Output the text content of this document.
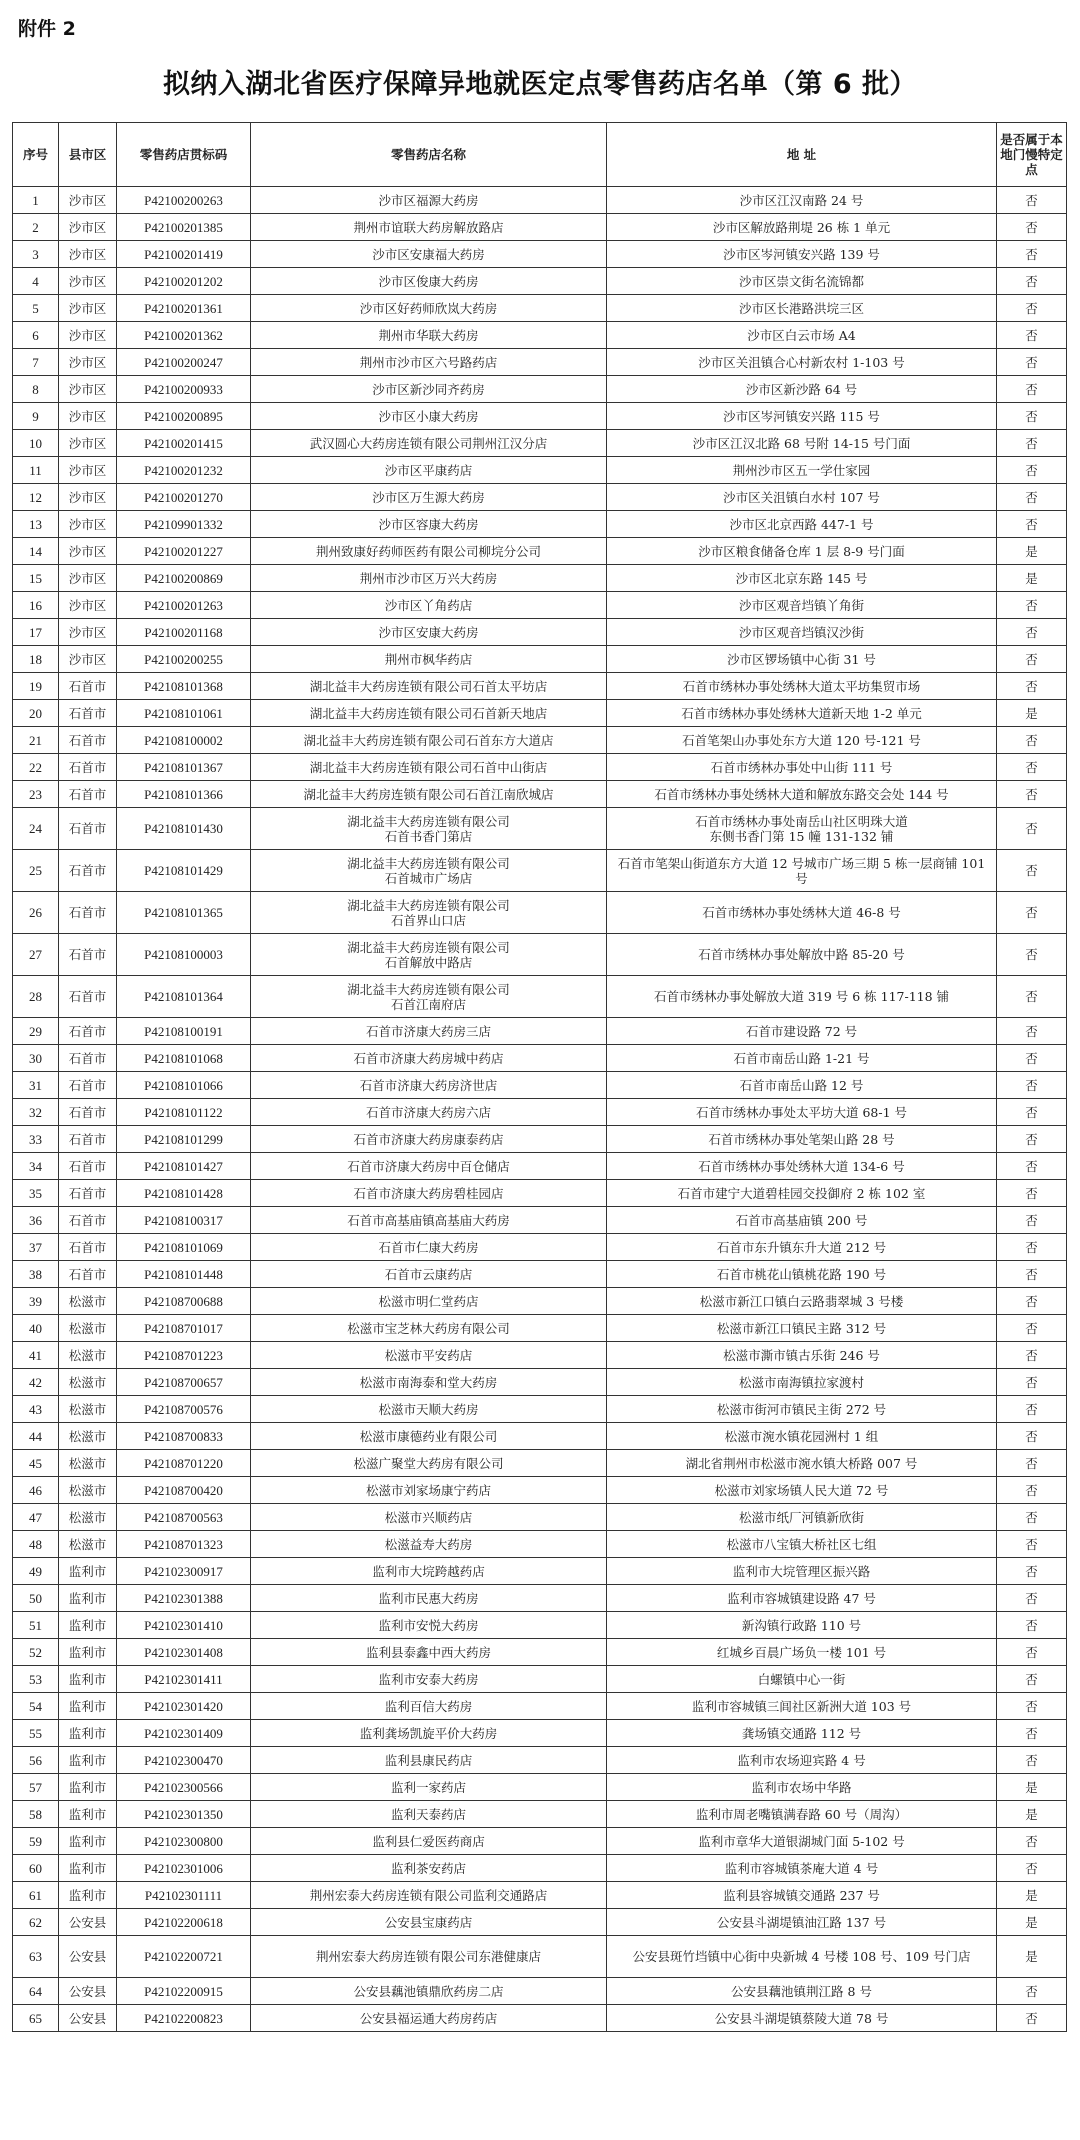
附件 2
拟纳入湖北省医疗保障异地就医定点零售药店名单（第 6 批）
序号	县市区	零售药店贯标码	零售药店名称	地 址	是否属于本地门慢特定点
1	沙市区	P42100200263	沙市区福源大药房	沙市区江汉南路 24 号	否
2	沙市区	P42100201385	荆州市谊联大药房解放路店	沙市区解放路荆堤 26 栋 1 单元	否
3	沙市区	P42100201419	沙市区安康福大药房	沙市区岑河镇安兴路 139 号	否
4	沙市区	P42100201202	沙市区俊康大药房	沙市区崇文街名流锦都	否
5	沙市区	P42100201361	沙市区好药师欣岚大药房	沙市区长港路洪垸三区	否
6	沙市区	P42100201362	荆州市华联大药房	沙市区白云市场 A4	否
7	沙市区	P42100200247	荆州市沙市区六号路药店	沙市区关沮镇合心村新农村 1-103 号	否
8	沙市区	P42100200933	沙市区新沙同齐药房	沙市区新沙路 64 号	否
9	沙市区	P42100200895	沙市区小康大药房	沙市区岑河镇安兴路 115 号	否
10	沙市区	P42100201415	武汉圆心大药房连锁有限公司荆州江汉分店	沙市区江汉北路 68 号附 14-15 号门面	否
11	沙市区	P42100201232	沙市区平康药店	荆州沙市区五一学仕家园	否
12	沙市区	P42100201270	沙市区万生源大药房	沙市区关沮镇白水村 107 号	否
13	沙市区	P42109901332	沙市区容康大药房	沙市区北京西路 447-1 号	否
14	沙市区	P42100201227	荆州致康好药师医药有限公司柳垸分公司	沙市区粮食储备仓库 1 层 8-9 号门面	是
15	沙市区	P42100200869	荆州市沙市区万兴大药房	沙市区北京东路 145 号	是
16	沙市区	P42100201263	沙市区丫角药店	沙市区观音垱镇丫角街	否
17	沙市区	P42100201168	沙市区安康大药房	沙市区观音垱镇汉沙街	否
18	沙市区	P42100200255	荆州市枫华药店	沙市区锣场镇中心街 31 号	否
19	石首市	P42108101368	湖北益丰大药房连锁有限公司石首太平坊店	石首市绣林办事处绣林大道太平坊集贸市场	否
20	石首市	P42108101061	湖北益丰大药房连锁有限公司石首新天地店	石首市绣林办事处绣林大道新天地 1-2 单元	是
21	石首市	P42108100002	湖北益丰大药房连锁有限公司石首东方大道店	石首笔架山办事处东方大道 120 号-121 号	否
22	石首市	P42108101367	湖北益丰大药房连锁有限公司石首中山街店	石首市绣林办事处中山街 111 号	否
23	石首市	P42108101366	湖北益丰大药房连锁有限公司石首江南欣城店	石首市绣林办事处绣林大道和解放东路交会处 144 号	否
24	石首市	P42108101430	湖北益丰大药房连锁有限公司
石首书香门第店	石首市绣林办事处南岳山社区明珠大道
东侧书香门第 15 幢 131-132 铺	否
25	石首市	P42108101429	湖北益丰大药房连锁有限公司
石首城市广场店	石首市笔架山街道东方大道 12 号城市广场三期 5 栋一层商铺 101 号	否
26	石首市	P42108101365	湖北益丰大药房连锁有限公司
石首界山口店	石首市绣林办事处绣林大道 46-8 号	否
27	石首市	P42108100003	湖北益丰大药房连锁有限公司
石首解放中路店	石首市绣林办事处解放中路 85-20 号	否
28	石首市	P42108101364	湖北益丰大药房连锁有限公司
石首江南府店	石首市绣林办事处解放大道 319 号 6 栋 117-118 铺	否
29	石首市	P42108100191	石首市济康大药房三店	石首市建设路 72 号	否
30	石首市	P42108101068	石首市济康大药房城中药店	石首市南岳山路 1-21 号	否
31	石首市	P42108101066	石首市济康大药房济世店	石首市南岳山路 12 号	否
32	石首市	P42108101122	石首市济康大药房六店	石首市绣林办事处太平坊大道 68-1 号	否
33	石首市	P42108101299	石首市济康大药房康泰药店	石首市绣林办事处笔架山路 28 号	否
34	石首市	P42108101427	石首市济康大药房中百仓储店	石首市绣林办事处绣林大道 134-6 号	否
35	石首市	P42108101428	石首市济康大药房碧桂园店	石首市建宁大道碧桂园交投御府 2 栋 102 室	否
36	石首市	P42108100317	石首市高基庙镇高基庙大药房	石首市高基庙镇 200 号	否
37	石首市	P42108101069	石首市仁康大药房	石首市东升镇东升大道 212 号	否
38	石首市	P42108101448	石首市云康药店	石首市桃花山镇桃花路 190 号	否
39	松滋市	P42108700688	松滋市明仁堂药店	松滋市新江口镇白云路翡翠城 3 号楼	否
40	松滋市	P42108701017	松滋市宝芝林大药房有限公司	松滋市新江口镇民主路 312 号	否
41	松滋市	P42108701223	松滋市平安药店	松滋市澌市镇古乐街 246 号	否
42	松滋市	P42108700657	松滋市南海泰和堂大药房	松滋市南海镇拉家渡村	否
43	松滋市	P42108700576	松滋市天顺大药房	松滋市街河市镇民主街 272 号	否
44	松滋市	P42108700833	松滋市康德药业有限公司	松滋市涴水镇花园洲村 1 组	否
45	松滋市	P42108701220	松滋广聚堂大药房有限公司	湖北省荆州市松滋市涴水镇大桥路 007 号	否
46	松滋市	P42108700420	松滋市刘家场康宁药店	松滋市刘家场镇人民大道 72 号	否
47	松滋市	P42108700563	松滋市兴顺药店	松滋市纸厂河镇新欣街	否
48	松滋市	P42108701323	松滋益寿大药房	松滋市八宝镇大桥社区七组	否
49	监利市	P42102300917	监利市大垸跨越药店	监利市大垸管理区振兴路	否
50	监利市	P42102301388	监利市民惠大药房	监利市容城镇建设路 47 号	否
51	监利市	P42102301410	监利市安悦大药房	新沟镇行政路 110 号	否
52	监利市	P42102301408	监利县泰鑫中西大药房	红城乡百晨广场负一楼 101 号	否
53	监利市	P42102301411	监利市安泰大药房	白螺镇中心一街	否
54	监利市	P42102301420	监利百信大药房	监利市容城镇三闾社区新洲大道 103 号	否
55	监利市	P42102301409	监利龚场凯旋平价大药房	龚场镇交通路 112 号	否
56	监利市	P42102300470	监利县康民药店	监利市农场迎宾路 4 号	否
57	监利市	P42102300566	监利一家药店	监利市农场中华路	是
58	监利市	P42102301350	监利天泰药店	监利市周老嘴镇满春路 60 号（周沟）	是
59	监利市	P42102300800	监利县仁爱医药商店	监利市章华大道银湖城门面 5-102 号	否
60	监利市	P42102301006	监利茶安药店	监利市容城镇茶庵大道 4 号	否
61	监利市	P42102301111	荆州宏泰大药房连锁有限公司监利交通路店	监利县容城镇交通路 237 号	是
62	公安县	P42102200618	公安县宝康药店	公安县斗湖堤镇油江路 137 号	是
63	公安县	P42102200721	荆州宏泰大药房连锁有限公司东港健康店	公安县斑竹垱镇中心街中央新城 4 号楼 108 号、109 号门店	是
64	公安县	P42102200915	公安县藕池镇鼎欣药房二店	公安县藕池镇荆江路 8 号	否
65	公安县	P42102200823	公安县福运通大药房药店	公安县斗湖堤镇蔡陵大道 78 号	否
